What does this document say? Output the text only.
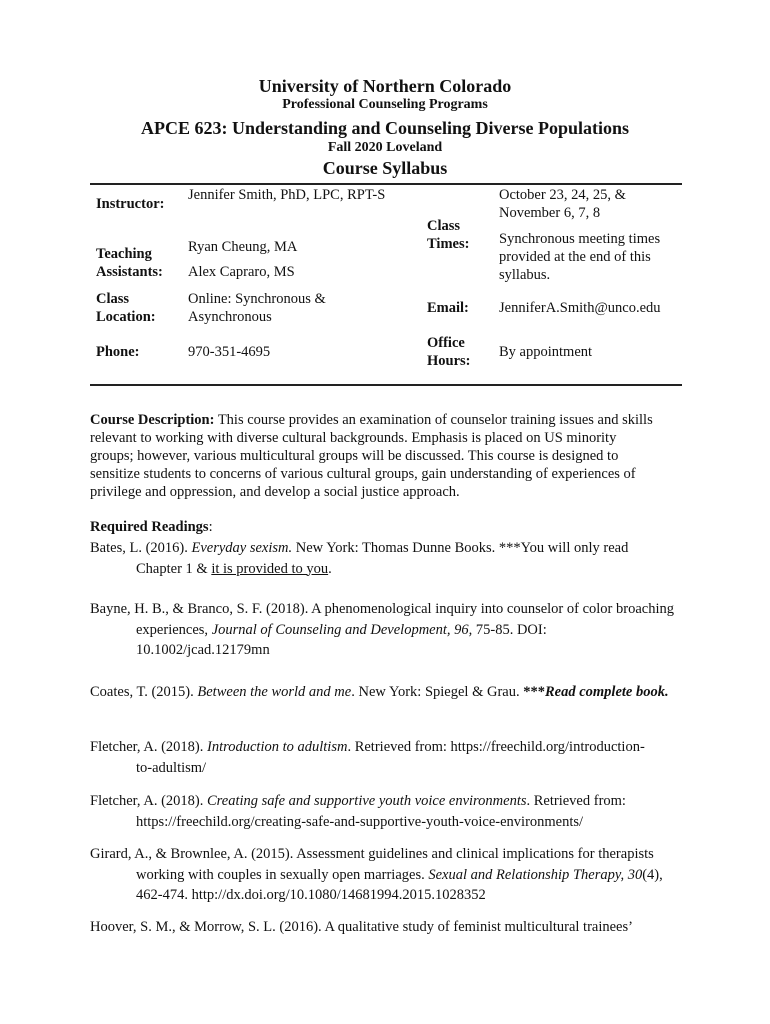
University of Northern Colorado
Professional Counseling Programs
APCE 623: Understanding and Counseling Diverse Populations
Fall 2020 Loveland
Course Syllabus
Instructor:
Jennifer Smith, PhD, LPC, RPT-S
Teaching
Assistants:
Ryan Cheung, MA
Alex Capraro, MS
Class
Location:
Online: Synchronous &
Asynchronous
Phone:	970-351-4695
Class
Times:
October 23, 24, 25, &
November 6, 7, 8
Synchronous meeting times
provided at the end of this
syllabus.
Email: JenniferA.Smith@unco.edu
Office
Hours:
By appointment
Course Description: This course provides an examination of counselor training issues and skills
relevant to working with diverse cultural backgrounds. Emphasis is placed on US minority
groups; however, various multicultural groups will be discussed. This course is designed to
sensitize students to concerns of various cultural groups, gain understanding of experiences of
privilege and oppression, and develop a social justice approach.
Required Readings:
Bates, L. (2016). Everyday sexism. New York: Thomas Dunne Books. ***You will only read Chapter 1 & it is provided to you.
Bayne, H. B., & Branco, S. F. (2018). A phenomenological inquiry into counselor of color broaching experiences, Journal of Counseling and Development, 96, 75-85. DOI: 10.1002/jcad.12179mn
Coates, T. (2015). Between the world and me. New York: Spiegel & Grau. ***Read complete book.
Fletcher, A. (2018). Introduction to adultism. Retrieved from: https://freechild.org/introduction-
to-adultism/
Fletcher, A. (2018). Creating safe and supportive youth voice environments. Retrieved from:
https://freechild.org/creating-safe-and-supportive-youth-voice-environments/
Girard, A., & Brownlee, A. (2015). Assessment guidelines and clinical implications for therapists working with couples in sexually open marriages. Sexual and Relationship Therapy, 30(4), 462-474. http://dx.doi.org/10.1080/14681994.2015.1028352
Hoover, S. M., & Morrow, S. L. (2016). A qualitative study of feminist multicultural trainees’
